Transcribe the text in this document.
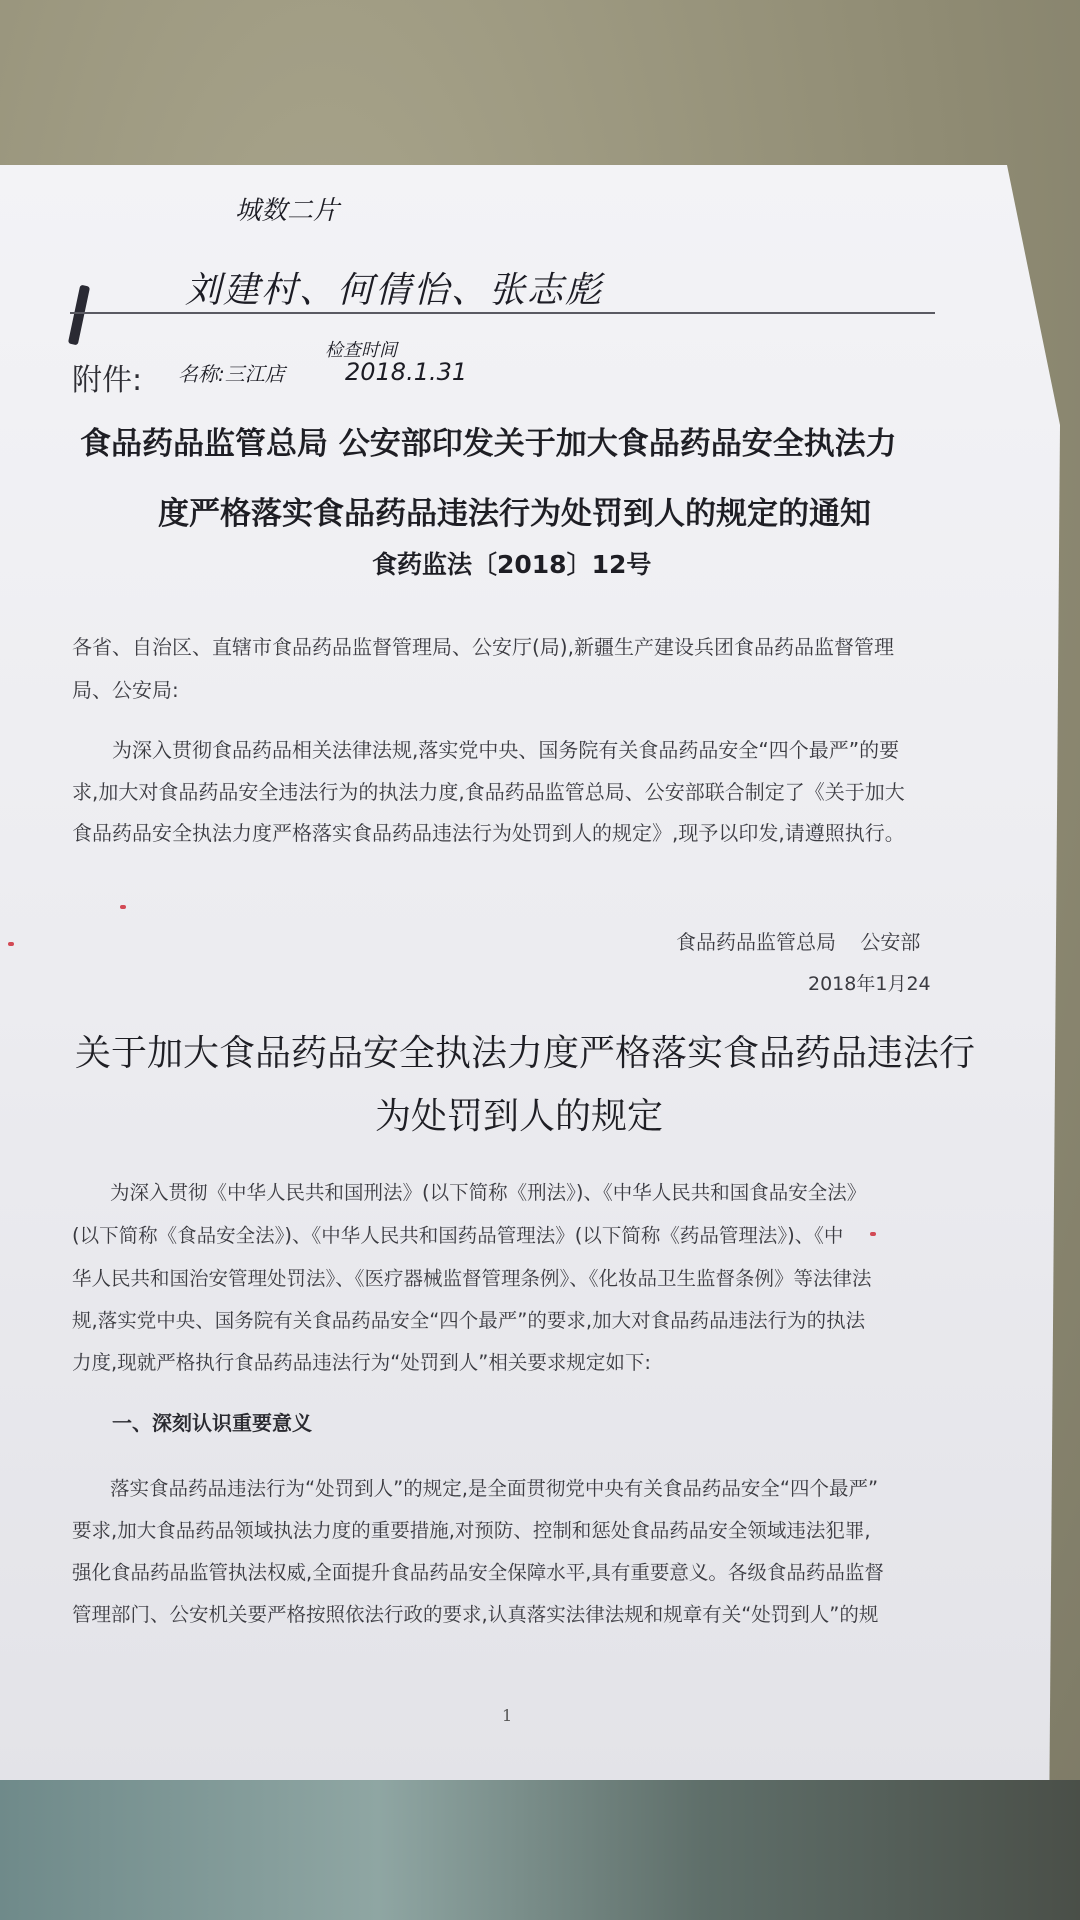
城数二片
刘建村、何倩怡、张志彪
附件: 名称:三江店
检查时间
2018.1.31
食品药品监管总局 公安部印发关于加大食品药品安全执法力
度严格落实食品药品违法行为处罚到人的规定的通知
食药监法〔2018〕12号
各省、自治区、直辖市食品药品监督管理局、公安厅(局),新疆生产建设兵团食品药品监督管理
局、公安局:
为深入贯彻食品药品相关法律法规,落实党中央、国务院有关食品药品安全“四个最严”的要
求,加大对食品药品安全违法行为的执法力度,食品药品监管总局、公安部联合制定了《关于加大
食品药品安全执法力度严格落实食品药品违法行为处罚到人的规定》,现予以印发,请遵照执行。
食品药品监管总局 公安部
2018年1月24
关于加大食品药品安全执法力度严格落实食品药品违法行
为处罚到人的规定
为深入贯彻《中华人民共和国刑法》(以下简称《刑法》)、《中华人民共和国食品安全法》
(以下简称《食品安全法》)、《中华人民共和国药品管理法》(以下简称《药品管理法》)、《中
华人民共和国治安管理处罚法》、《医疗器械监督管理条例》、《化妆品卫生监督条例》等法律法
规,落实党中央、国务院有关食品药品安全“四个最严”的要求,加大对食品药品违法行为的执法
力度,现就严格执行食品药品违法行为“处罚到人”相关要求规定如下:
一、深刻认识重要意义
落实食品药品违法行为“处罚到人”的规定,是全面贯彻党中央有关食品药品安全“四个最严”
要求,加大食品药品领域执法力度的重要措施,对预防、控制和惩处食品药品安全领域违法犯罪,
强化食品药品监管执法权威,全面提升食品药品安全保障水平,具有重要意义。各级食品药品监督
管理部门、公安机关要严格按照依法行政的要求,认真落实法律法规和规章有关“处罚到人”的规
1
